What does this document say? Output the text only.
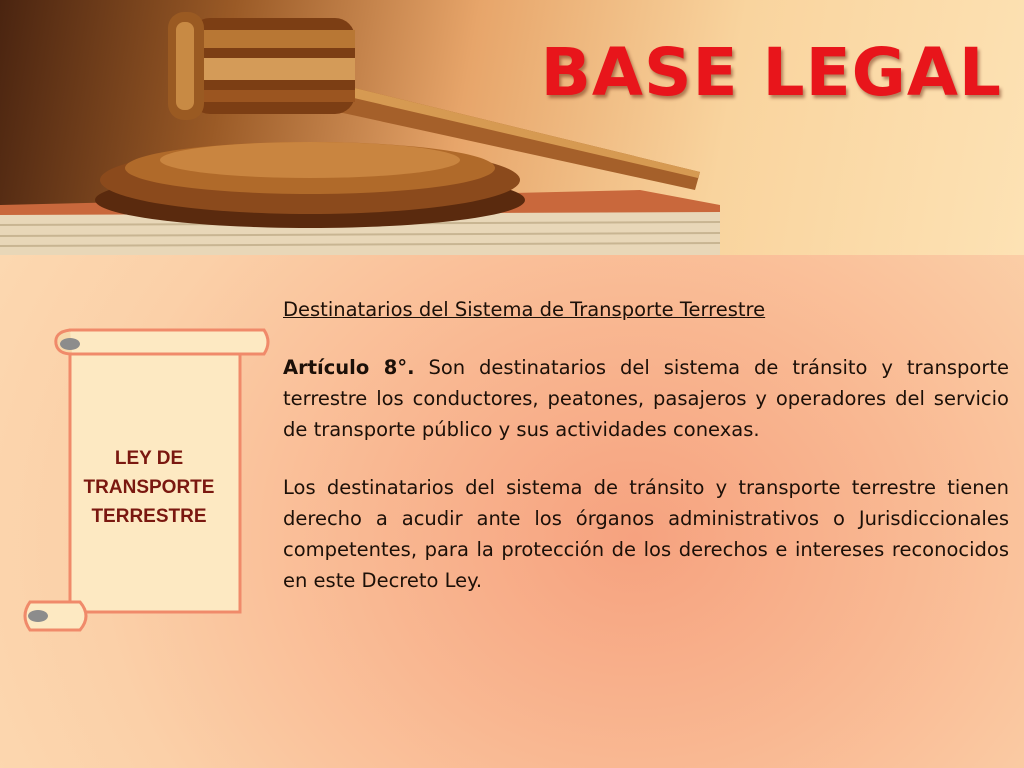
BASE LEGAL
LEY DE TRANSPORTE TERRESTRE

Destinatarios del Sistema de Transporte Terrestre

Artículo 8°. Son destinatarios del sistema de tránsito y transporte terrestre los conductores, peatones, pasajeros y operadores del servicio de transporte público y sus actividades conexas.

Los destinatarios del sistema de tránsito y transporte terrestre tienen derecho a acudir ante los órganos administrativos o Jurisdiccionales competentes, para la protección de los derechos e intereses reconocidos en este Decreto Ley.
